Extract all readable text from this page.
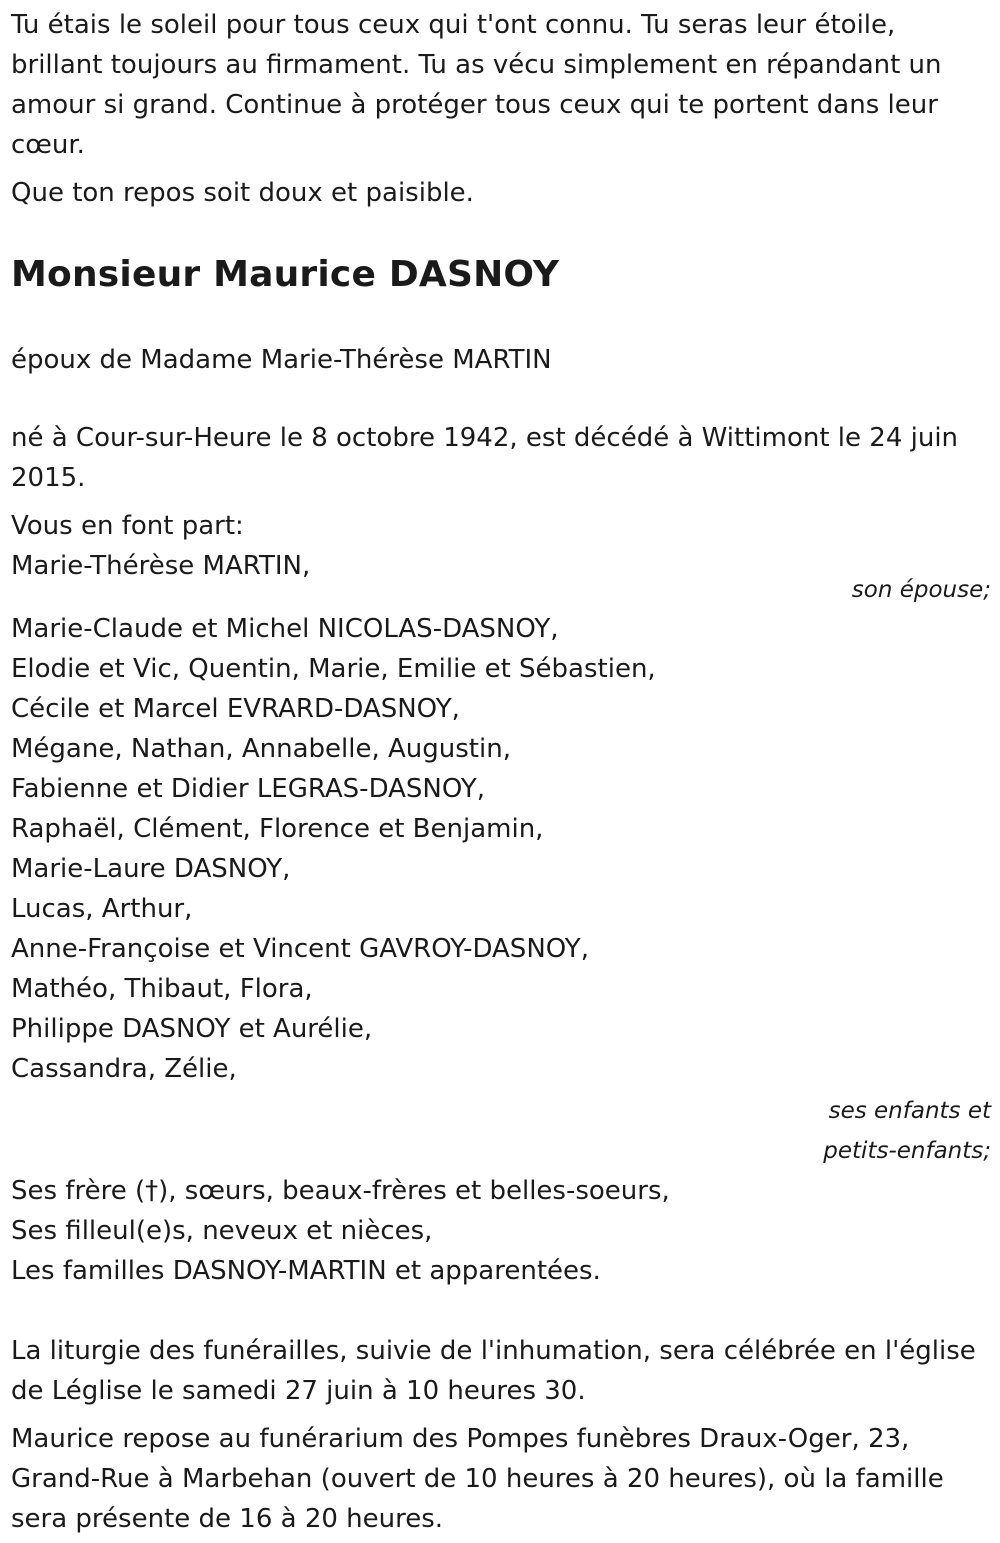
Tu étais le soleil pour tous ceux qui t'ont connu. Tu seras leur étoile, brillant toujours au firmament. Tu as vécu simplement en répandant un amour si grand. Continue à protéger tous ceux qui te portent dans leur cœur.

Que ton repos soit doux et paisible.

Monsieur Maurice DASNOY

époux de Madame Marie-Thérèse MARTIN

né à Cour-sur-Heure le 8 octobre 1942, est décédé à Wittimont le 24 juin 2015.

Vous en font part:

Marie-Thérèse MARTIN,

son épouse;

Marie-Claude et Michel NICOLAS-DASNOY,

Elodie et Vic, Quentin, Marie, Emilie et Sébastien,

Cécile et Marcel EVRARD-DASNOY,

Mégane, Nathan, Annabelle, Augustin,

Fabienne et Didier LEGRAS-DASNOY,

Raphaël, Clément, Florence et Benjamin,

Marie-Laure DASNOY,

Lucas, Arthur,

Anne-Françoise et Vincent GAVROY-DASNOY,

Mathéo, Thibaut, Flora,

Philippe DASNOY et Aurélie,

Cassandra, Zélie,

ses enfants et
petits-enfants;

Ses frère (†), sœurs, beaux-frères et belles-soeurs,

Ses filleul(e)s, neveux et nièces,

Les familles DASNOY-MARTIN et apparentées.

La liturgie des funérailles, suivie de l'inhumation, sera célébrée en l'église de Léglise le samedi 27 juin à 10 heures 30.

Maurice repose au funérarium des Pompes funèbres Draux-Oger, 23, Grand-Rue à Marbehan (ouvert de 10 heures à 20 heures), où la famille sera présente de 16 à 20 heures.
